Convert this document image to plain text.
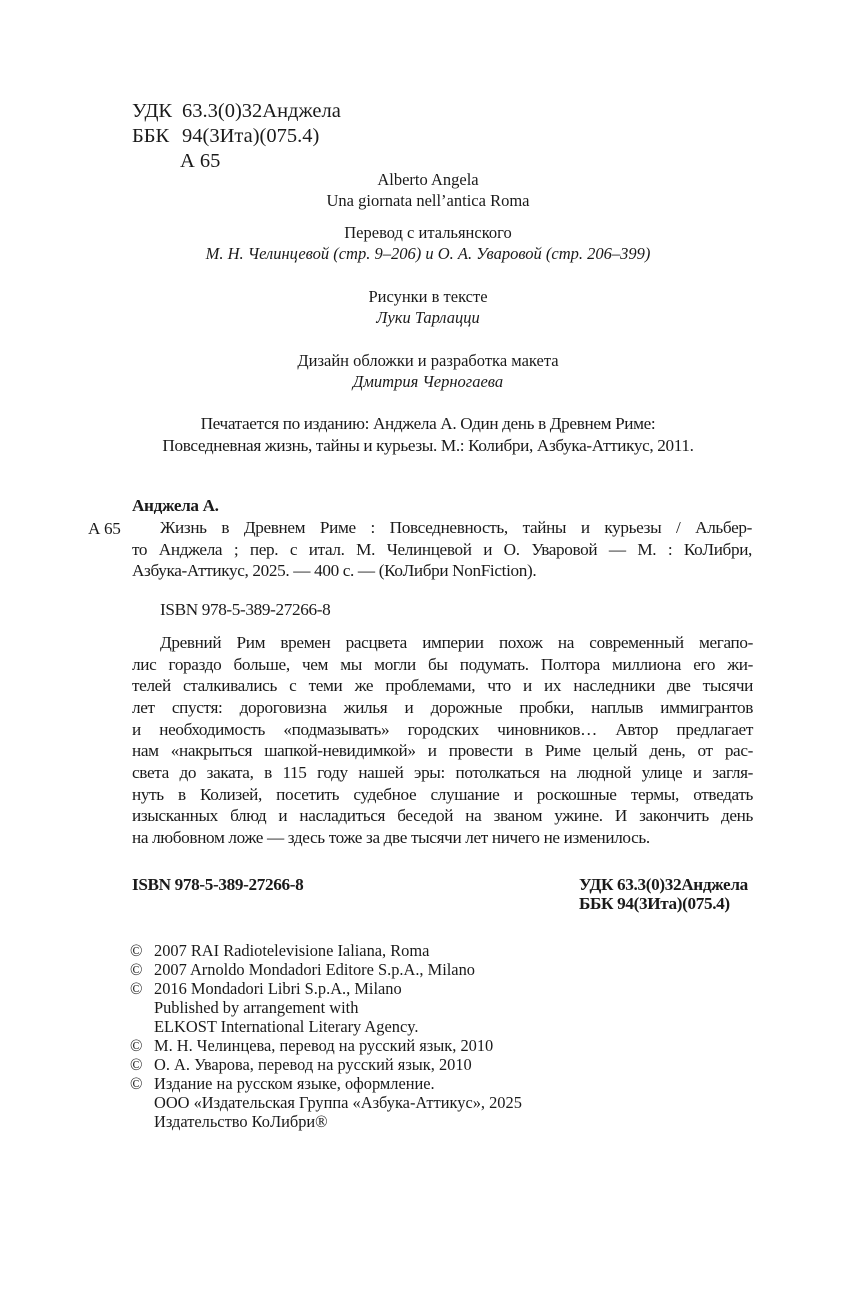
УДК 63.3(0)32Анджела
ББК 94(3Ита)(075.4)
А 65
Alberto Angela
Una giornata nell’antica Roma
Перевод с итальянского
М. Н. Челинцевой (стр. 9–206) и О. А. Уваровой (стр. 206–399)
Рисунки в тексте
Луки Тарлацци
Дизайн обложки и разработка макета
Дмитрия Черногаева
Печатается по изданию: Анджела А. Один день в Древнем Риме:
Повседневная жизнь, тайны и курьезы. М.: Колибри, Азбука-Аттикус, 2011.
Анджела А.
А 65	Жизнь в Древнем Риме : Повседневность, тайны и курьезы / Альбер-
то Анджела ; пер. с итал. М. Челинцевой и О. Уваровой — М. : КоЛибри,
Азбука-Аттикус, 2025. — 400 с. — (КоЛибри NonFiction).
ISBN 978-5-389-27266-8
Древний Рим времен расцвета империи похож на современный мегапо-
лис гораздо больше, чем мы могли бы подумать. Полтора миллиона его жи-
телей сталкивались с теми же проблемами, что и их наследники две тысячи
лет спустя: дороговизна жилья и дорожные пробки, наплыв иммигрантов
и необходимость «подмазывать» городских чиновников… Автор предлагает
нам «накрыться шапкой-невидимкой» и провести в Риме целый день, от рас-
света до заката, в 115 году нашей эры: потолкаться на людной улице и загля-
нуть в Колизей, посетить судебное слушание и роскошные термы, отведать
изысканных блюд и насладиться беседой на званом ужине. И закончить день
на любовном ложе — здесь тоже за две тысячи лет ничего не изменилось.
ISBN 978-5-389-27266-8	УДК 63.3(0)32Анджела
ББК 94(3Ита)(075.4)
© 2007 RAI Radiotelevisione Ialiana, Roma
© 2007 Arnoldo Mondadori Editore S.p.A., Milano
© 2016 Mondadori Libri S.p.A., Milano
Published by arrangement with
ELKOST International Literary Agency.
© М. Н. Челинцева, перевод на русский язык, 2010
© О. А. Уварова, перевод на русский язык, 2010
© Издание на русском языке, оформление.
ООО «Издательская Группа «Азбука-Аттикус», 2025
Издательство КоЛибри®
